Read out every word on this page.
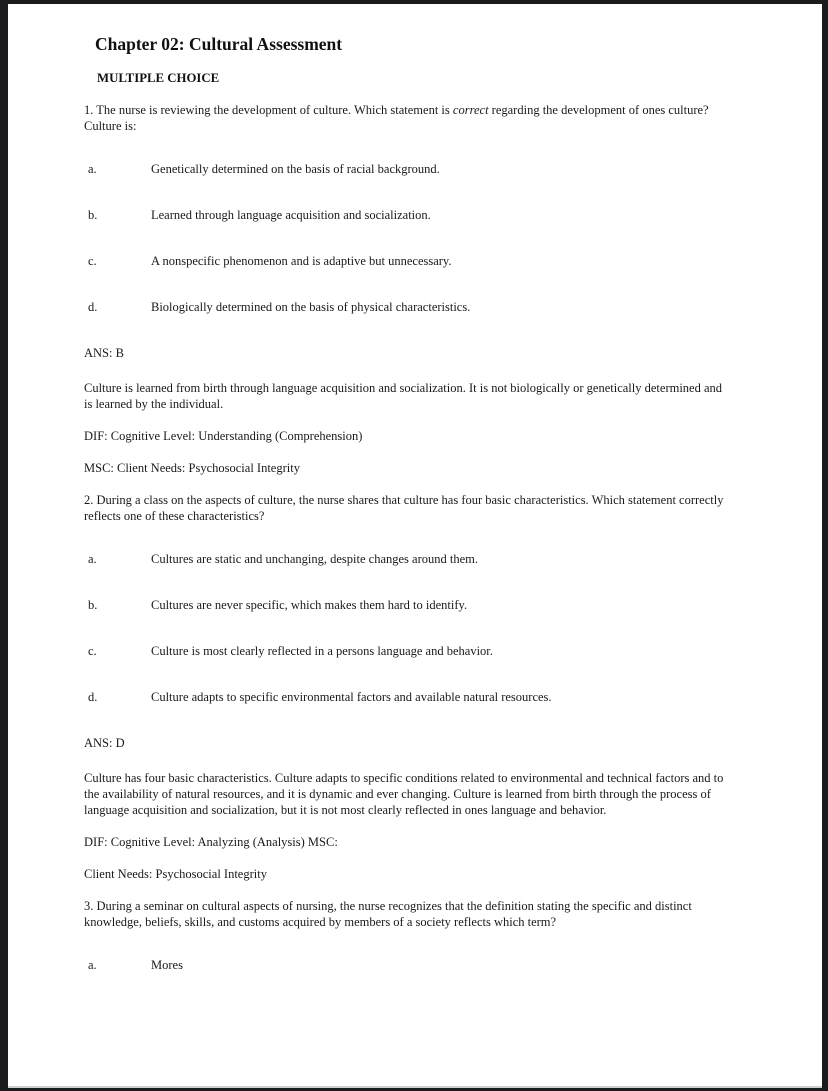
Chapter 02: Cultural Assessment
MULTIPLE CHOICE

1. The nurse is reviewing the development of culture. Which statement is correct regarding the development of ones culture? Culture is:

a.	Genetically determined on the basis of racial background.
b.	Learned through language acquisition and socialization.
c.	A nonspecific phenomenon and is adaptive but unnecessary.
d.	Biologically determined on the basis of physical characteristics.

ANS: B

Culture is learned from birth through language acquisition and socialization. It is not biologically or genetically determined and is learned by the individual.

DIF: Cognitive Level: Understanding (Comprehension)

MSC: Client Needs: Psychosocial Integrity

2. During a class on the aspects of culture, the nurse shares that culture has four basic characteristics. Which statement correctly reflects one of these characteristics?

a.	Cultures are static and unchanging, despite changes around them.
b.	Cultures are never specific, which makes them hard to identify.
c.	Culture is most clearly reflected in a persons language and behavior.
d.	Culture adapts to specific environmental factors and available natural resources.

ANS: D

Culture has four basic characteristics. Culture adapts to specific conditions related to environmental and technical factors and to the availability of natural resources, and it is dynamic and ever changing. Culture is learned from birth through the process of language acquisition and socialization, but it is not most clearly reflected in ones language and behavior.

DIF: Cognitive Level: Analyzing (Analysis) MSC:

Client Needs: Psychosocial Integrity

3. During a seminar on cultural aspects of nursing, the nurse recognizes that the definition stating the specific and distinct knowledge, beliefs, skills, and customs acquired by members of a society reflects which term?

a.	Mores
